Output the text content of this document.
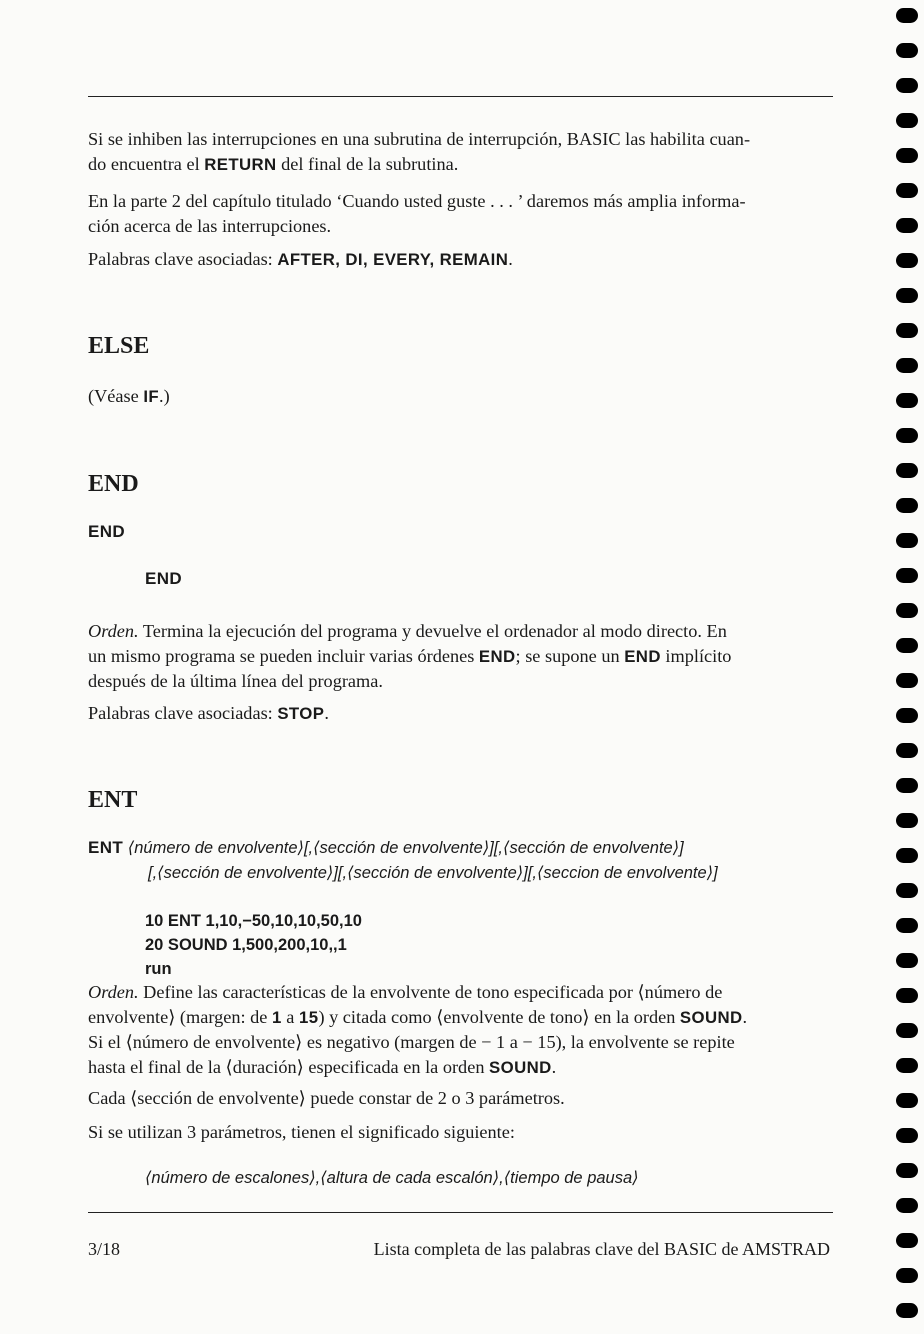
Si se inhiben las interrupciones en una subrutina de interrupción, BASIC las habilita cuan-
do encuentra el RETURN del final de la subrutina.
En la parte 2 del capítulo titulado ‘Cuando usted guste . . . ’ daremos más amplia informa-
ción acerca de las interrupciones.
Palabras clave asociadas: AFTER, DI, EVERY, REMAIN.
ELSE
(Véase IF.)
END
END
END
Orden. Termina la ejecución del programa y devuelve el ordenador al modo directo. En
un mismo programa se pueden incluir varias órdenes END; se supone un END implícito
después de la última línea del programa.
Palabras clave asociadas: STOP.
ENT
ENT ⟨número de envolvente⟩[,⟨sección de envolvente⟩][,⟨sección de envolvente⟩]
[,⟨sección de envolvente⟩][,⟨sección de envolvente⟩][,⟨seccion de envolvente⟩]
10 ENT 1,10,−50,10,10,50,10
20 SOUND 1,500,200,10,,1
run
Orden. Define las características de la envolvente de tono especificada por ⟨número de
envolvente⟩ (margen: de 1 a 15) y citada como ⟨envolvente de tono⟩ en la orden SOUND.
Si el ⟨número de envolvente⟩ es negativo (margen de − 1 a − 15), la envolvente se repite
hasta el final de la ⟨duración⟩ especificada en la orden SOUND.
Cada ⟨sección de envolvente⟩ puede constar de 2 o 3 parámetros.
Si se utilizan 3 parámetros, tienen el significado siguiente:
⟨número de escalones⟩,⟨altura de cada escalón⟩,⟨tiempo de pausa⟩
3/18	Lista completa de las palabras clave del BASIC de AMSTRAD
